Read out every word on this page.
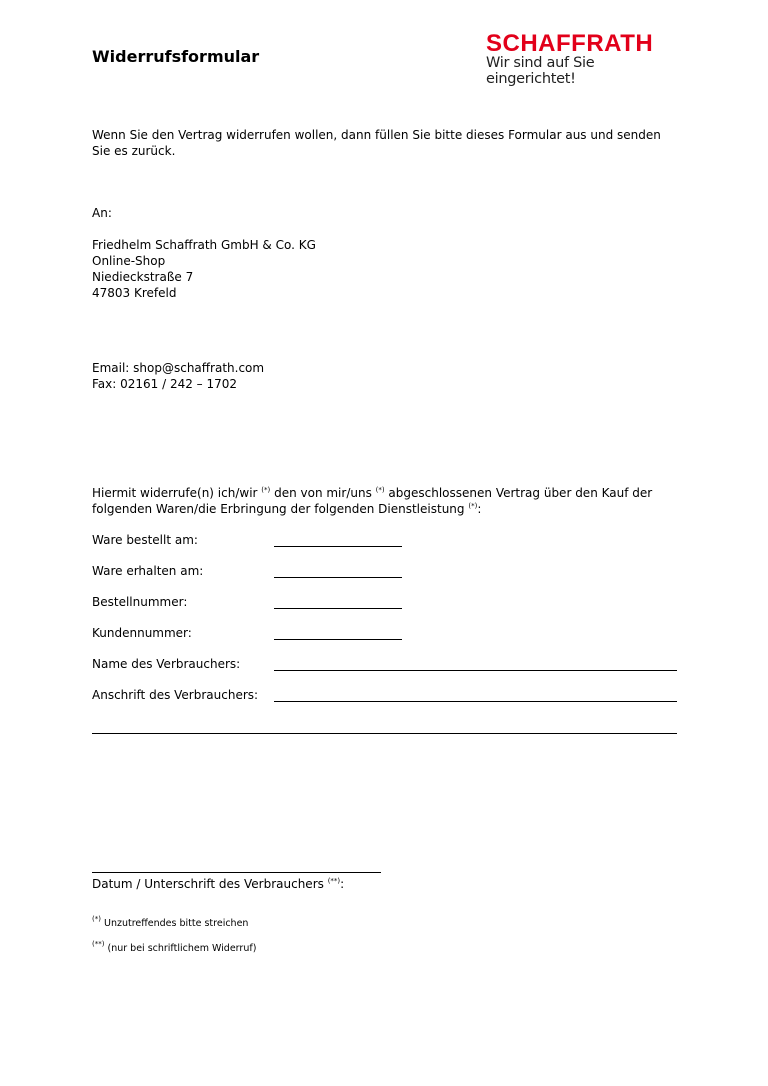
Widerrufsformular	SCHAFFRATH
Wir sind auf Sie eingerichtet!
Wenn Sie den Vertrag widerrufen wollen, dann füllen Sie bitte dieses Formular aus und senden Sie es zurück.
An:
Friedhelm Schaffrath GmbH & Co. KG
Online-Shop
Niedieckstraße 7
47803 Krefeld
Email: shop@schaffrath.com
Fax: 02161 / 242 – 1702
Hiermit widerrufe(n) ich/wir (*) den von mir/uns (*) abgeschlossenen Vertrag über den Kauf der folgenden Waren/die Erbringung der folgenden Dienstleistung (*):
Ware bestellt am:
Ware erhalten am:
Bestellnummer:
Kundennummer:
Name des Verbrauchers:
Anschrift des Verbrauchers:
Datum / Unterschrift des Verbrauchers (**):
(*) Unzutreffendes bitte streichen
(**) (nur bei schriftlichem Widerruf)
